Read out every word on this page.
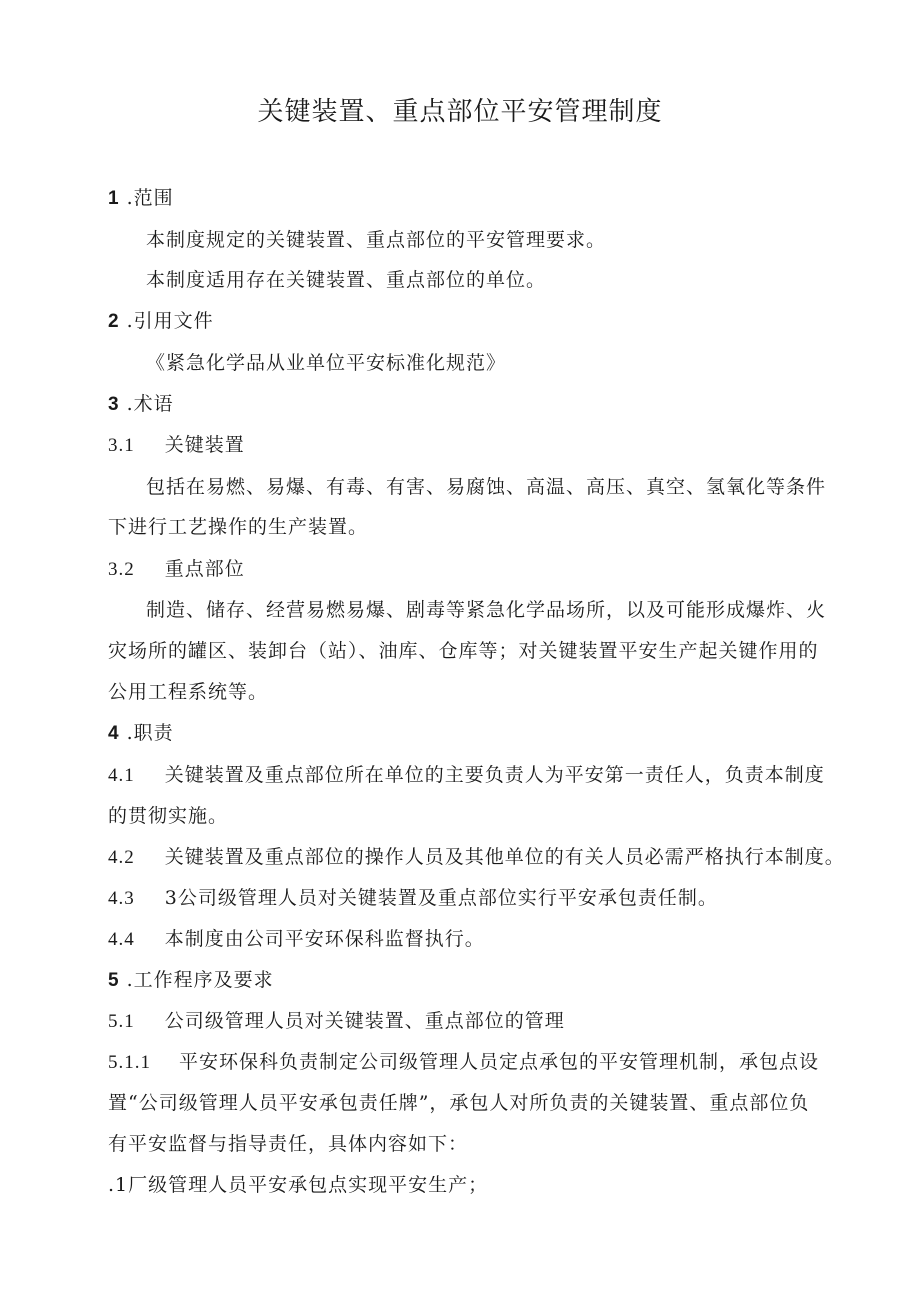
关键装置、重点部位平安管理制度
1 .范围
本制度规定的关键装置、重点部位的平安管理要求。
本制度适用存在关键装置、重点部位的单位。
2 .引用文件
《紧急化学品从业单位平安标准化规范》
3 .术语
3.1 关键装置
包括在易燃、易爆、有毒、有害、易腐蚀、高温、高压、真空、氢氧化等条件
下进行工艺操作的生产装置。
3.2 重点部位
制造、储存、经营易燃易爆、剧毒等紧急化学品场所，以及可能形成爆炸、火
灾场所的罐区、装卸台（站）、油库、仓库等；对关键装置平安生产起关键作用的
公用工程系统等。
4 .职责
4.1 关键装置及重点部位所在单位的主要负责人为平安第一责任人，负责本制度
的贯彻实施。
4.2 关键装置及重点部位的操作人员及其他单位的有关人员必需严格执行本制度。
4.3 3公司级管理人员对关键装置及重点部位实行平安承包责任制。
4.4 本制度由公司平安环保科监督执行。
5 .工作程序及要求
5.1 公司级管理人员对关键装置、重点部位的管理
5.1.1 平安环保科负责制定公司级管理人员定点承包的平安管理机制，承包点设
置“公司级管理人员平安承包责任牌”，承包人对所负责的关键装置、重点部位负
有平安监督与指导责任，具体内容如下：
.1厂级管理人员平安承包点实现平安生产；
